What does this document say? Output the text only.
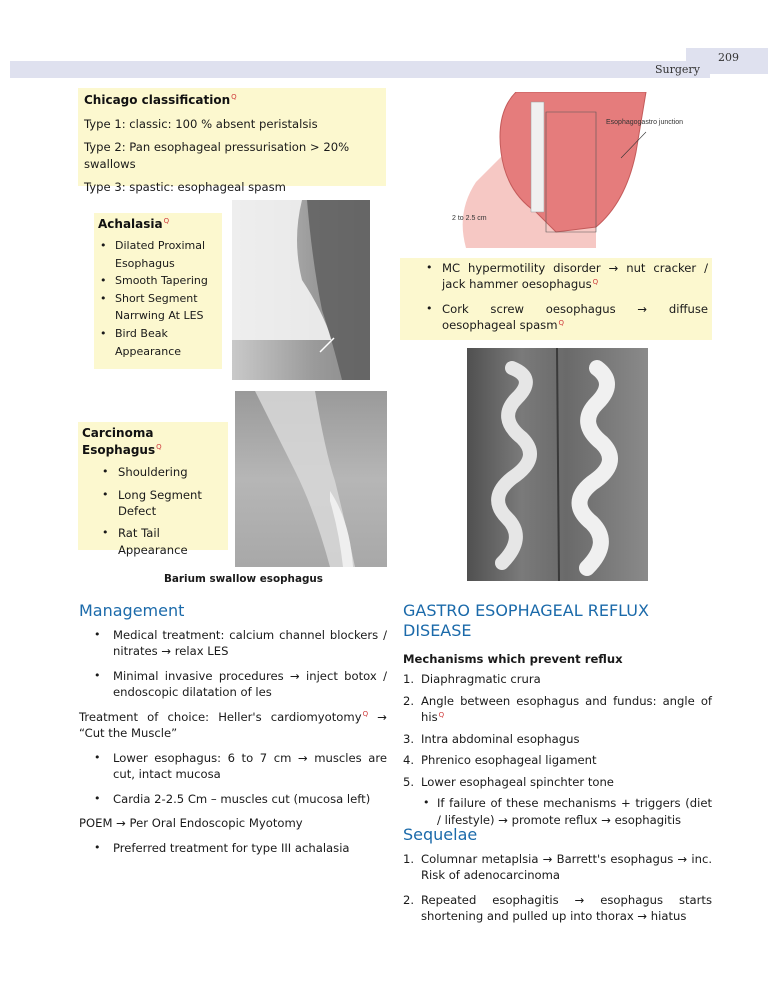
209
Surgery
Chicago classification$^Q$
Type 1: classic: 100 % absent peristalsis
Type 2: Pan esophageal pressurisation > 20% swallows
Type 3: spastic: esophageal spasm
Esophagogastro junction
2 to 2.5 cm
Achalasia$^Q$
• Dilated Proximal Esophagus
• Smooth Tapering
• Short Segment Narrwing At LES
• Bird Beak Appearance
• MC hypermotility disorder → nut cracker / jack hammer oesophagus$^Q$
• Cork screw oesophagus → diffuse oesophageal spasm$^Q$
Carcinoma Esophagus$^Q$
• Shouldering
• Long Segment Defect
• Rat Tail Appearance
Barium swallow esophagus
Management
• Medical treatment: calcium channel blockers / nitrates → relax LES
• Minimal invasive procedures → inject botox / endoscopic dilatation of les
Treatment of choice: Heller's cardiomyotomy$^Q$ → “Cut the Muscle”
• Lower esophagus: 6 to 7 cm → muscles are cut, intact mucosa
• Cardia 2-2.5 Cm – muscles cut (mucosa left)
POEM → Per Oral Endoscopic Myotomy
• Preferred treatment for type III achalasia
GASTRO ESOPHAGEAL REFLUX DISEASE
Mechanisms which prevent reflux
1. Diaphragmatic crura
2. Angle between esophagus and fundus: angle of his$^Q$
3. Intra abdominal esophagus
4. Phrenico esophageal ligament
5. Lower esophageal spinchter tone
• If failure of these mechanisms + triggers (diet / lifestyle) → promote reflux → esophagitis
Sequelae
1. Columnar metaplsia → Barrett's esophagus → inc. Risk of adenocarcinoma
2. Repeated esophagitis → esophagus starts shortening and pulled up into thorax → hiatus
